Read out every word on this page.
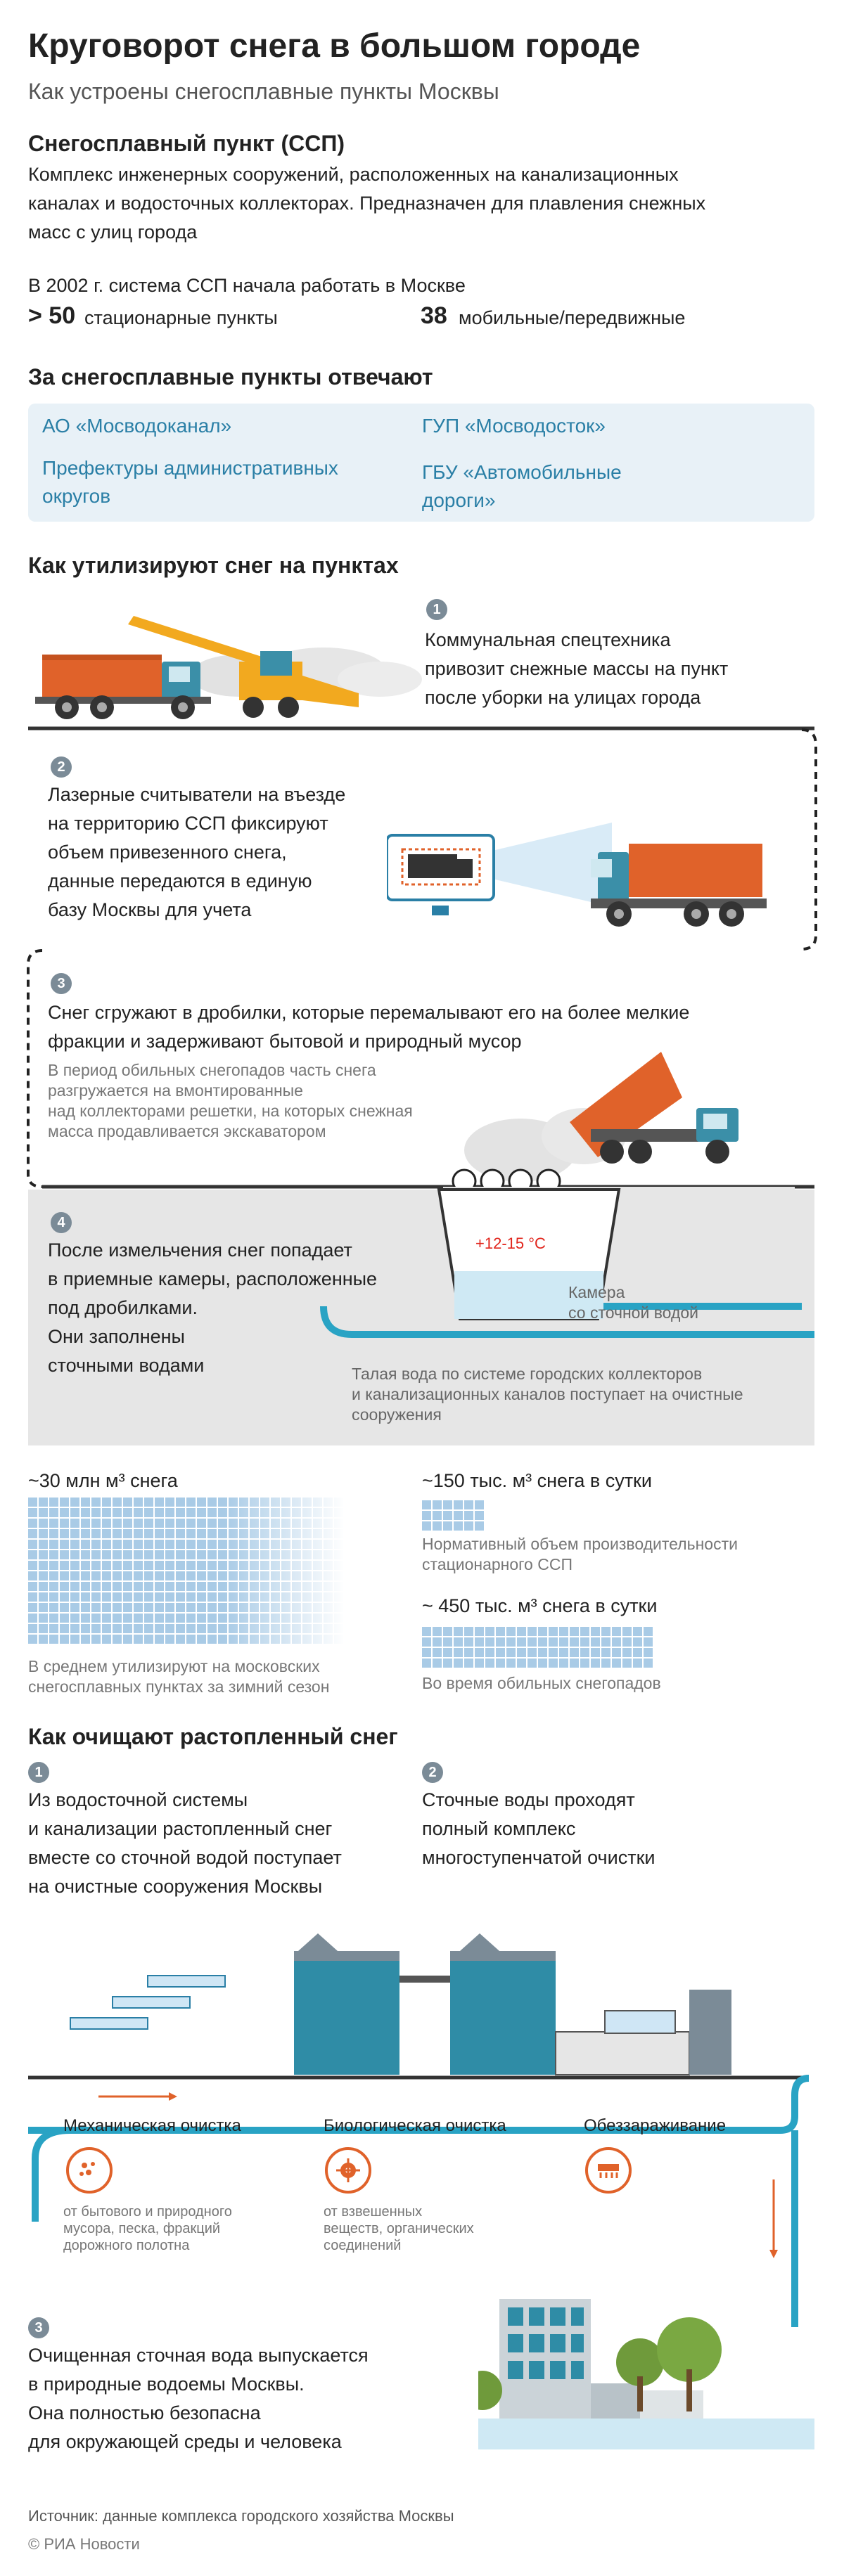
Круговорот снега в большом городе
Как устроены снегосплавные пункты Москвы
Снегосплавный пункт (ССП)
Комплекс инженерных сооружений, расположенных на канализационных
каналах и водосточных коллекторах. Предназначен для плавления снежных
масс с улиц города
В 2002 г. система ССП начала работать в Москве
> 50 стационарные пункты	38 мобильные/передвижные
За снегосплавные пункты отвечают
АО «Мосводоканал»	ГУП «Мосводосток»
Префектуры административных округов
ГБУ «Автомобильные дороги»
Как утилизируют снег на пунктах
1
Коммунальная спецтехника
привозит снежные массы на пункт
после уборки на улицах города
2
Лазерные считыватели на въезде
на территорию ССП фиксируют
объем привезенного снега,
данные передаются в единую
базу Москвы для учета
3
Снег сгружают в дробилки, которые перемалывают его на более мелкие
фракции и задерживают бытовой и природный мусор
В период обильных снегопадов часть снега
разгружается на вмонтированные
над коллекторами решетки, на которых снежная
масса продавливается экскаватором
+12-15 °C
Камера
со сточной водой
4
После измельчения снег попадает
в приемные камеры, расположенные
под дробилками.
Они заполнены
сточными водами	Талая вода по системе городских коллекторов
и канализационных каналов поступает на очистные
сооружения
~30 млн м³ снега
В среднем утилизируют на московских
снегосплавных пунктах за зимний сезон
~150 тыс. м³ снега в сутки
Нормативный объем производительности
стационарного ССП
~ 450 тыс. м³ снега в сутки
Во время обильных снегопадов
Как очищают растопленный снег
1
Из водосточной системы
и канализации растопленный снег
вместе со сточной водой поступает
на очистные сооружения Москвы
2
Сточные воды проходят
полный комплекс
многоступенчатой очистки
Механическая очистка
от бытового и природного
мусора, песка, фракций
дорожного полотна
Биологическая очистка
от взвешенных
веществ, органических
соединений
Обеззараживание
3
Очищенная сточная вода выпускается
в природные водоемы Москвы.
Она полностью безопасна
для окружающей среды и человека
Источник: данные комплекса городского хозяйства Москвы
© РИА Новости
